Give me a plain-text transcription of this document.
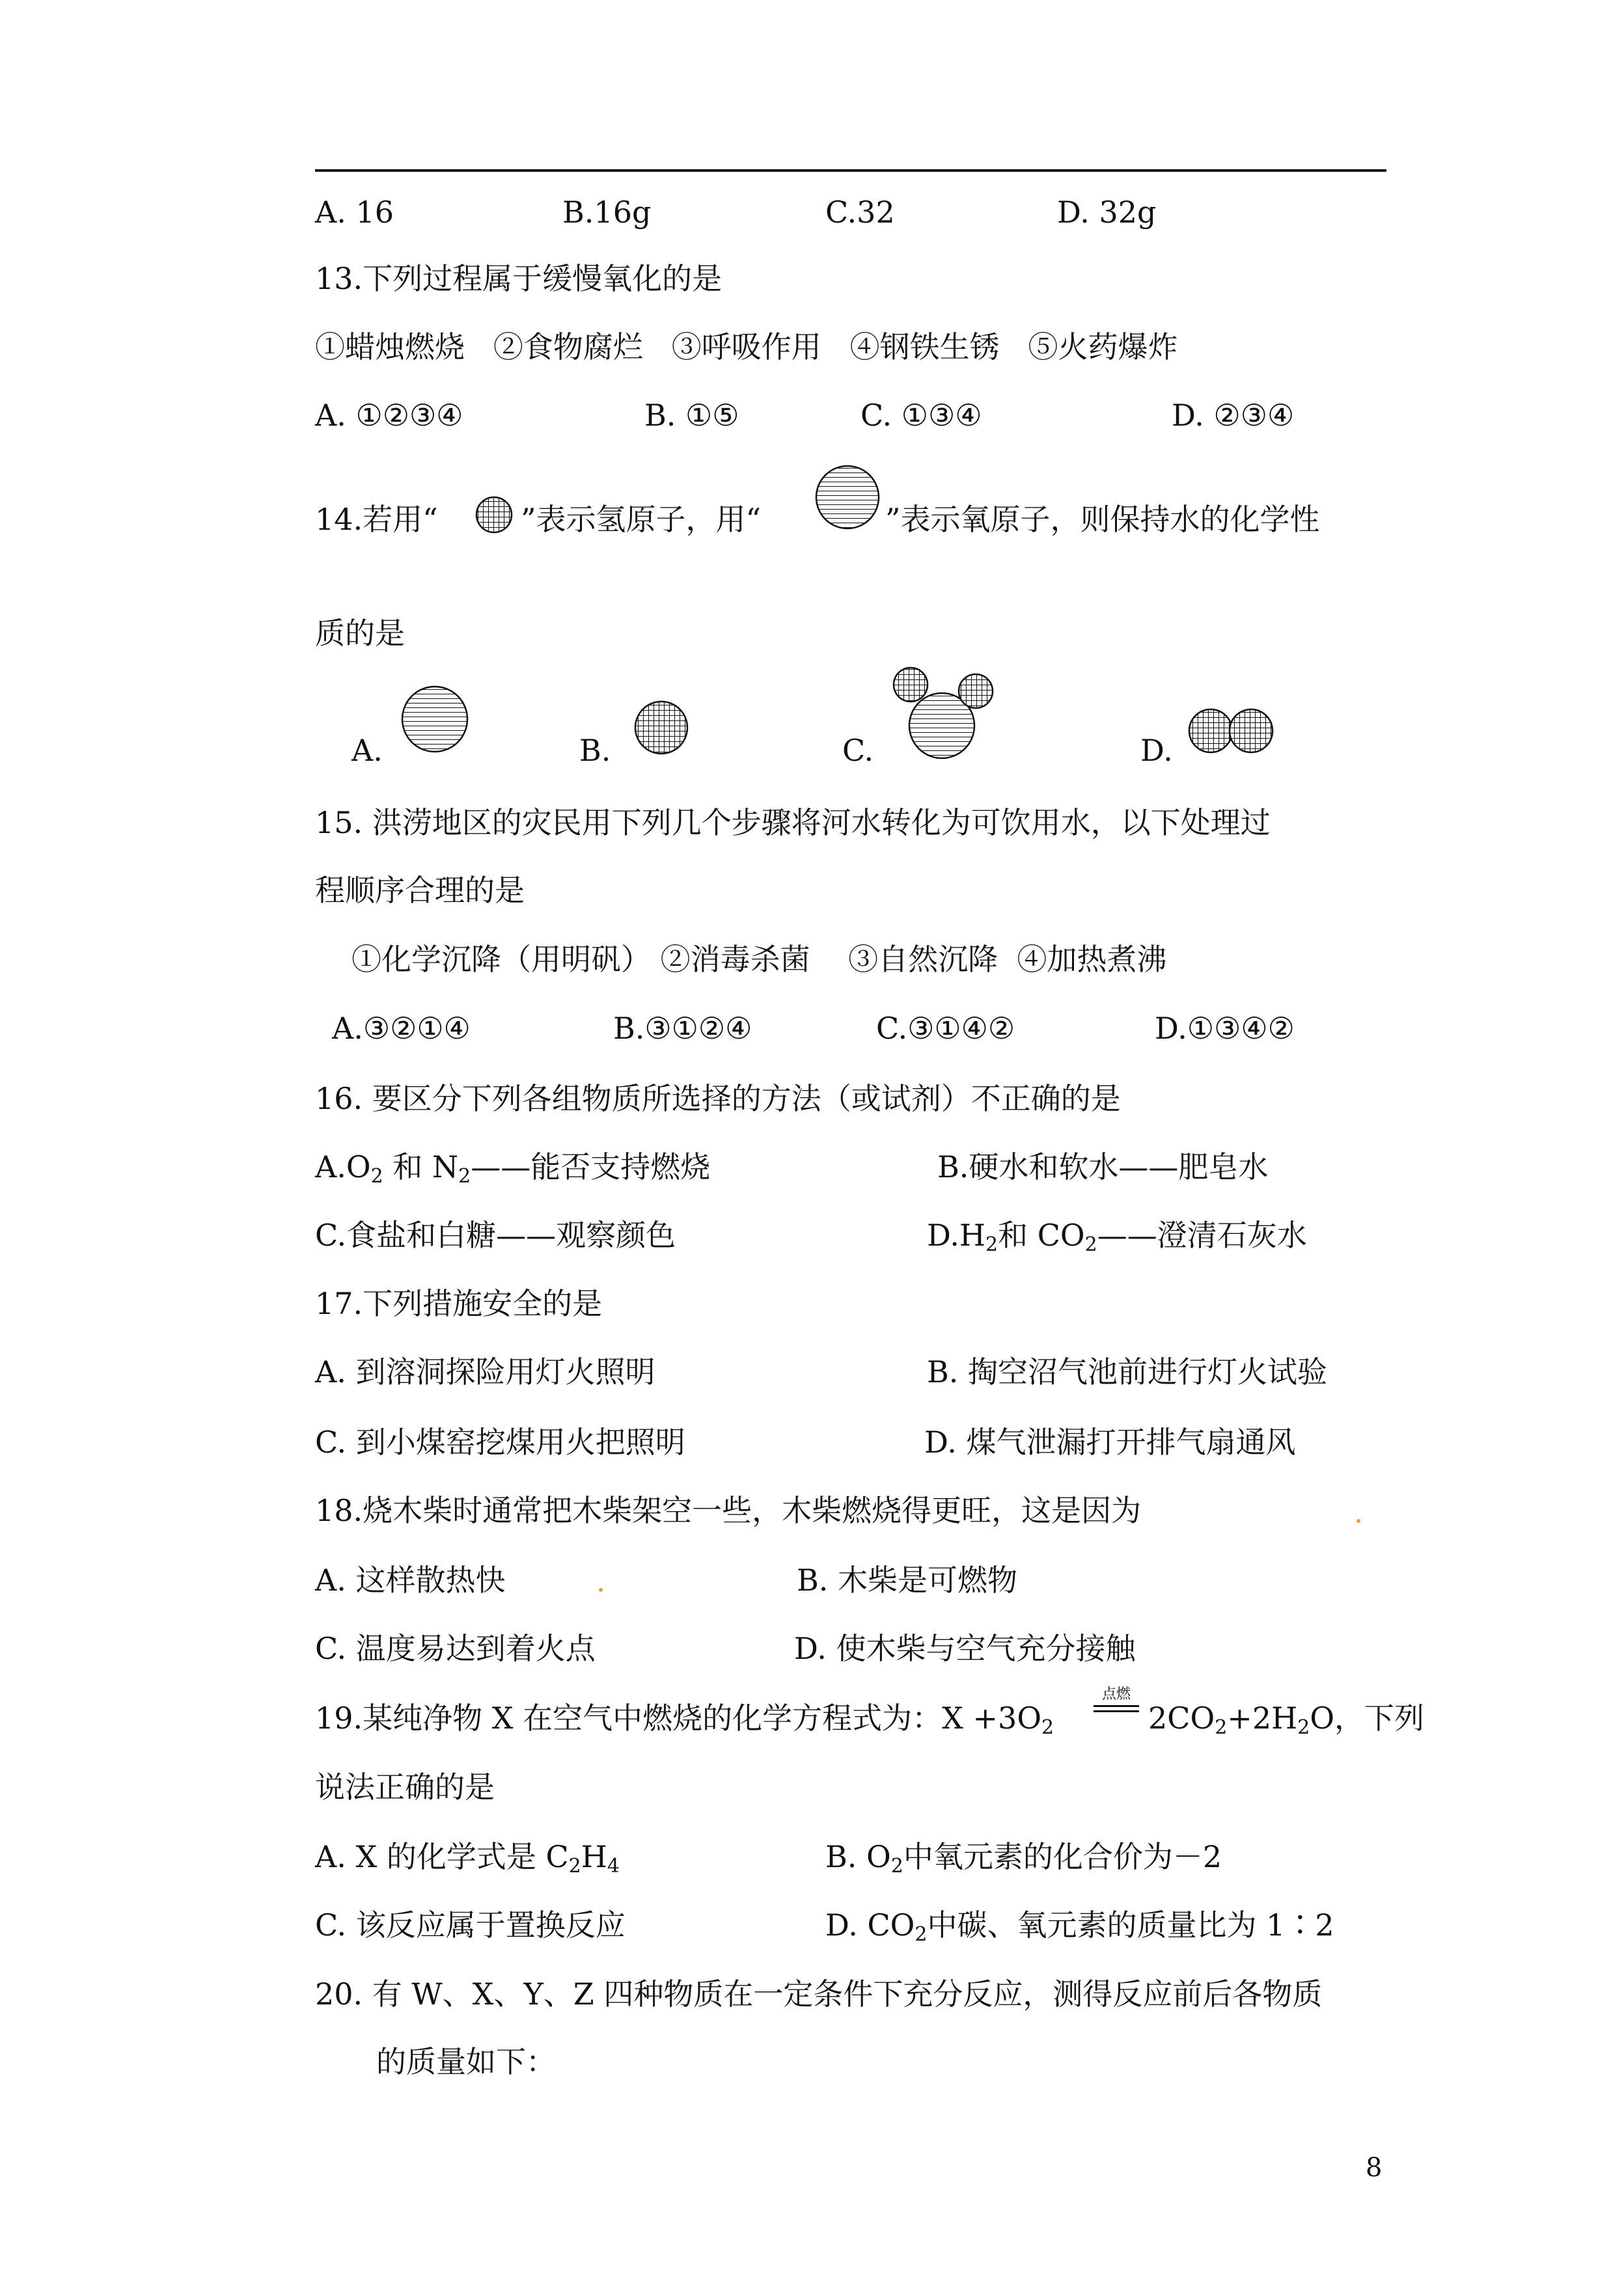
A. 16	B.16g	C.32	D. 32g
13.下列过程属于缓慢氧化的是
①蜡烛燃烧   ②食物腐烂   ③呼吸作用   ④钢铁生锈   ⑤火药爆炸
A. ①②③④	B. ①⑤	C. ①③④	D. ②③④
14.若用“	”表示氢原子，用“	”表示氧原子，则保持水的化学性
质的是
A.	B.	C.	D.
15. 洪涝地区的灾民用下列几个步骤将河水转化为可饮用水，以下处理过
程顺序合理的是
①化学沉降（用明矾） ②消毒杀菌    ③自然沉降  ④加热煮沸
A.③②①④	B.③①②④	C.③①④②	D.①③④②
16. 要区分下列各组物质所选择的方法（或试剂）不正确的是
$A.O_2$ 和 $N_2——$能否支持燃烧	B.硬水和软水——肥皂水
C.食盐和白糖——观察颜色	$D.H_2$和 $CO_2——$澄清石灰水
17.下列措施安全的是
A. 到溶洞探险用灯火照明	B. 掏空沼气池前进行灯火试验
C. 到小煤窑挖煤用火把照明	D. 煤气泄漏打开排气扇通风
18.烧木柴时通常把木柴架空一些，木柴燃烧得更旺，这是因为
A. 这样散热快	B. 木柴是可燃物
C. 温度易达到着火点	D. 使木柴与空气充分接触
19.某纯净物 X 在空气中燃烧的化学方程式为：$X +3O_2$
点燃
$2CO_2+2H_2O$，下列
说法正确的是
A. X 的化学式是 $C_2H_4$	B. $O_2$中氧元素的化合价为－2
C. 该反应属于置换反应	D. $CO_2$中碳、氧元素的质量比为 1∶2
20. 有 W、X、Y、Z 四种物质在一定条件下充分反应，测得反应前后各物质
的质量如下：
8
